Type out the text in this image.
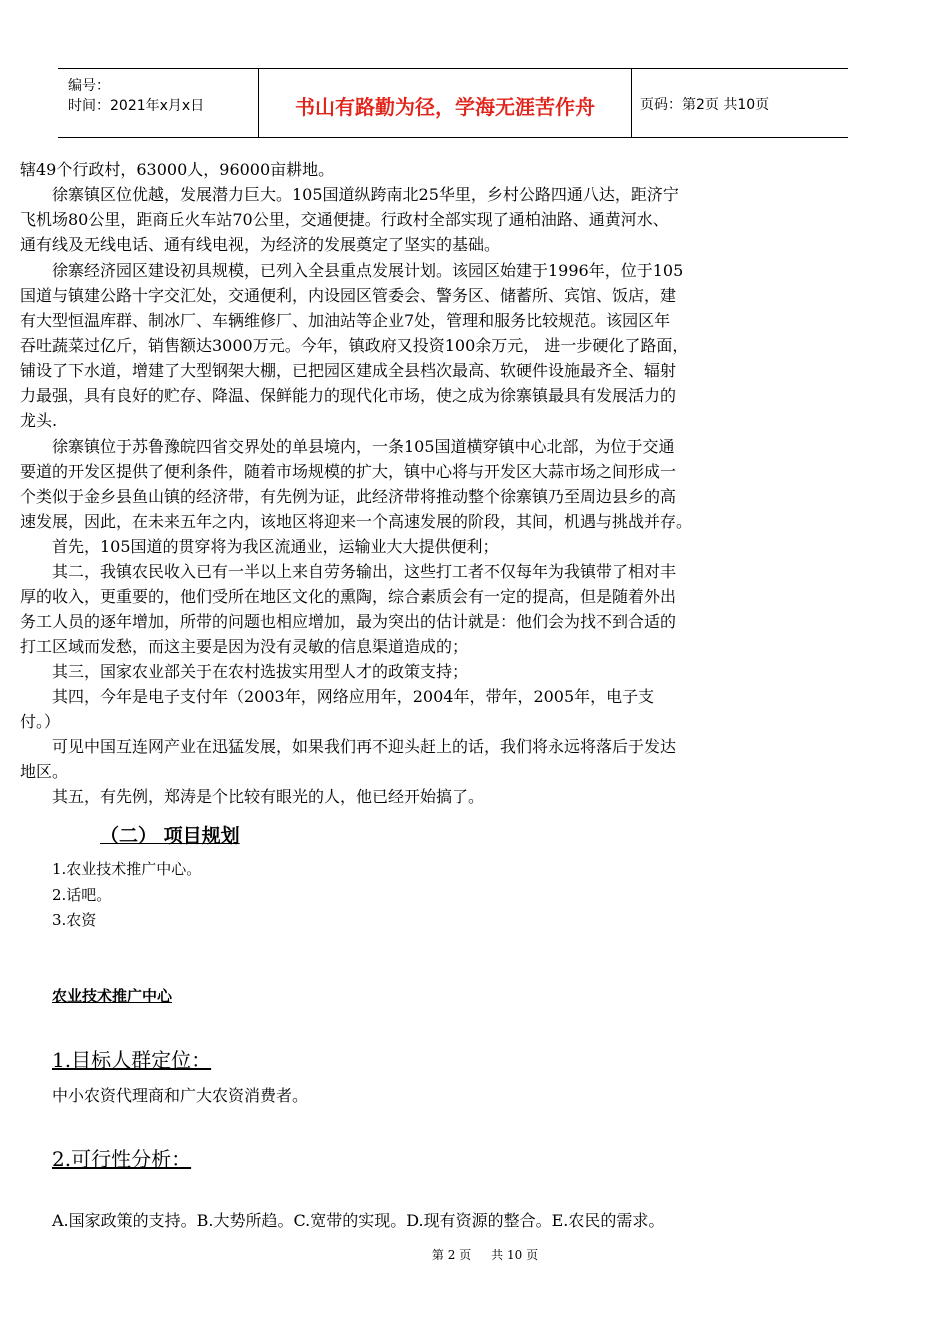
编号：
时间：2021年x月x日	书山有路勤为径，学海无涯苦作舟	页码：第2页 共10页
辖49个行政村，63000人，96000亩耕地。
徐寨镇区位优越，发展潜力巨大。105国道纵跨南北25华里，乡村公路四通八达，距济宁
飞机场80公里，距商丘火车站70公里，交通便捷。行政村全部实现了通柏油路、通黄河水、
通有线及无线电话、通有线电视，为经济的发展奠定了坚实的基础。
徐寨经济园区建设初具规模，已列入全县重点发展计划。该园区始建于1996年，位于105
国道与镇建公路十字交汇处，交通便利，内设园区管委会、警务区、储蓄所、宾馆、饭店，建
有大型恒温库群、制冰厂、车辆维修厂、加油站等企业7处，管理和服务比较规范。该园区年
吞吐蔬菜过亿斤，销售额达3000万元。今年，镇政府又投资100余万元， 进一步硬化了路面，
铺设了下水道，增建了大型钢架大棚，已把园区建成全县档次最高、软硬件设施最齐全、辐射
力最强，具有良好的贮存、降温、保鲜能力的现代化市场，使之成为徐寨镇最具有发展活力的
龙头.
徐寨镇位于苏鲁豫皖四省交界处的单县境内，一条105国道横穿镇中心北部，为位于交通
要道的开发区提供了便利条件，随着市场规模的扩大，镇中心将与开发区大蒜市场之间形成一
个类似于金乡县鱼山镇的经济带，有先例为证，此经济带将推动整个徐寨镇乃至周边县乡的高
速发展，因此，在未来五年之内，该地区将迎来一个高速发展的阶段，其间，机遇与挑战并存。
首先，105国道的贯穿将为我区流通业，运输业大大提供便利；
其二，我镇农民收入已有一半以上来自劳务输出，这些打工者不仅每年为我镇带了相对丰
厚的收入，更重要的，他们受所在地区文化的熏陶，综合素质会有一定的提高，但是随着外出
务工人员的逐年增加，所带的问题也相应增加，最为突出的估计就是：他们会为找不到合适的
打工区域而发愁，而这主要是因为没有灵敏的信息渠道造成的；
其三，国家农业部关于在农村选拔实用型人才的政策支持；
其四，今年是电子支付年（2003年，网络应用年，2004年，带年，2005年，电子支
付。）
可见中国互连网产业在迅猛发展，如果我们再不迎头赶上的话，我们将永远将落后于发达
地区。
其五，有先例，郑涛是个比较有眼光的人，他已经开始搞了。
（二） 项目规划
1.农业技术推广中心。
2.话吧。
3.农资
农业技术推广中心
1.目标人群定位：
中小农资代理商和广大农资消费者。
2.可行性分析：
A.国家政策的支持。B.大势所趋。C.宽带的实现。D.现有资源的整合。E.农民的需求。
第 2 页 共 10 页
